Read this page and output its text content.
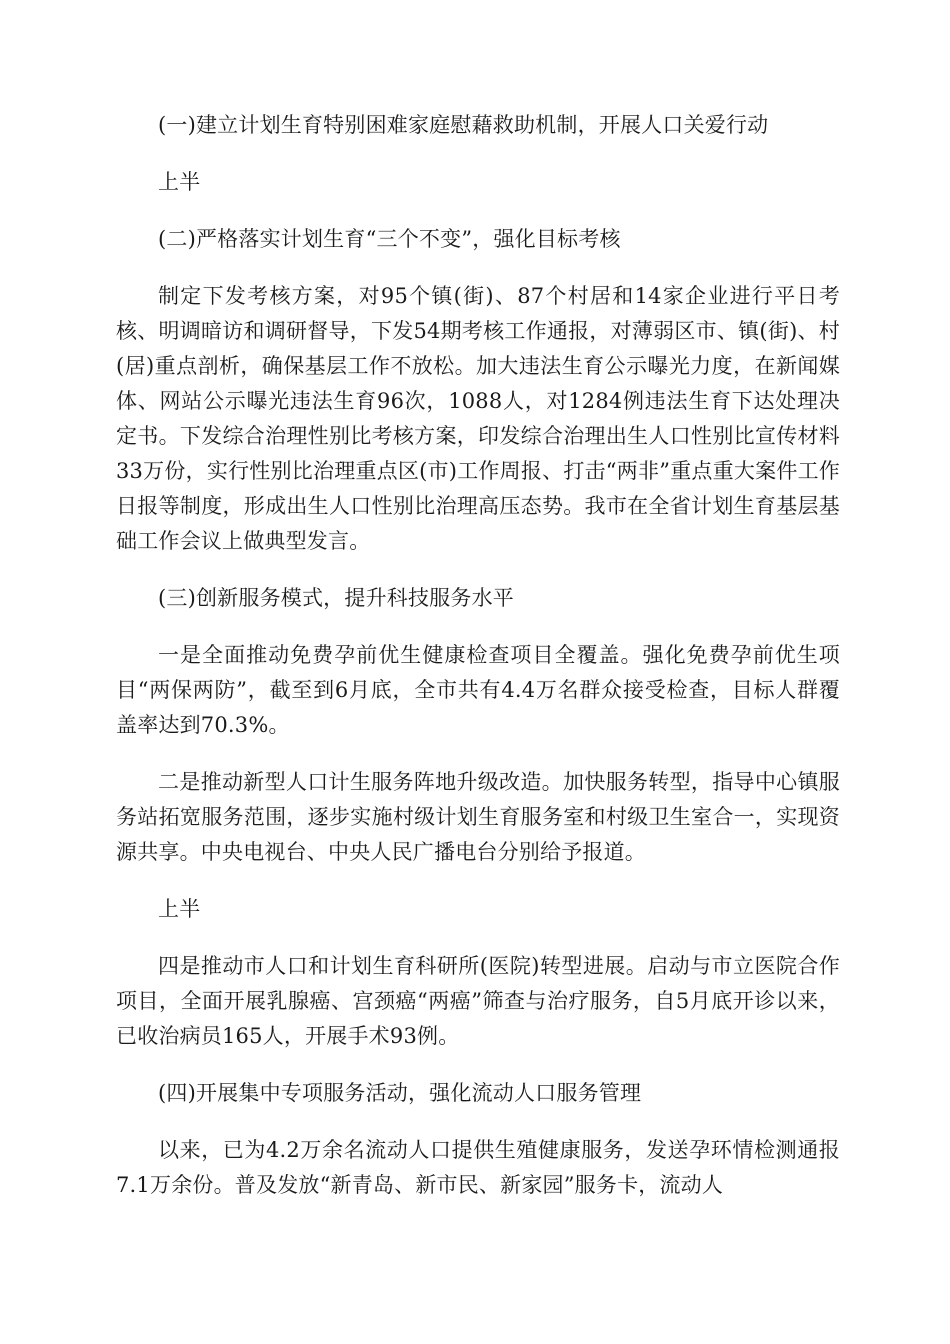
(一)建立计划生育特别困难家庭慰藉救助机制，开展人口关爱行动

上半

(二)严格落实计划生育“三个不变”，强化目标考核

制定下发考核方案，对95个镇(街)、87个村居和14家企业进行平日考核、明调暗访和调研督导，下发54期考核工作通报，对薄弱区市、镇(街)、村(居)重点剖析，确保基层工作不放松。加大违法生育公示曝光力度，在新闻媒体、网站公示曝光违法生育96次，1088人，对1284例违法生育下达处理决定书。下发综合治理性别比考核方案，印发综合治理出生人口性别比宣传材料33万份，实行性别比治理重点区(市)工作周报、打击“两非”重点重大案件工作日报等制度，形成出生人口性别比治理高压态势。我市在全省计划生育基层基础工作会议上做典型发言。

(三)创新服务模式，提升科技服务水平

一是全面推动免费孕前优生健康检查项目全覆盖。强化免费孕前优生项目“两保两防”，截至到6月底，全市共有4.4万名群众接受检查，目标人群覆盖率达到70.3%。

二是推动新型人口计生服务阵地升级改造。加快服务转型，指导中心镇服务站拓宽服务范围，逐步实施村级计划生育服务室和村级卫生室合一，实现资源共享。中央电视台、中央人民广播电台分别给予报道。

上半

四是推动市人口和计划生育科研所(医院)转型进展。启动与市立医院合作项目，全面开展乳腺癌、宫颈癌“两癌”筛查与治疗服务，自5月底开诊以来，已收治病员165人，开展手术93例。

(四)开展集中专项服务活动，强化流动人口服务管理

以来，已为4.2万余名流动人口提供生殖健康服务，发送孕环情检测通报7.1万余份。普及发放“新青岛、新市民、新家园”服务卡，流动人
